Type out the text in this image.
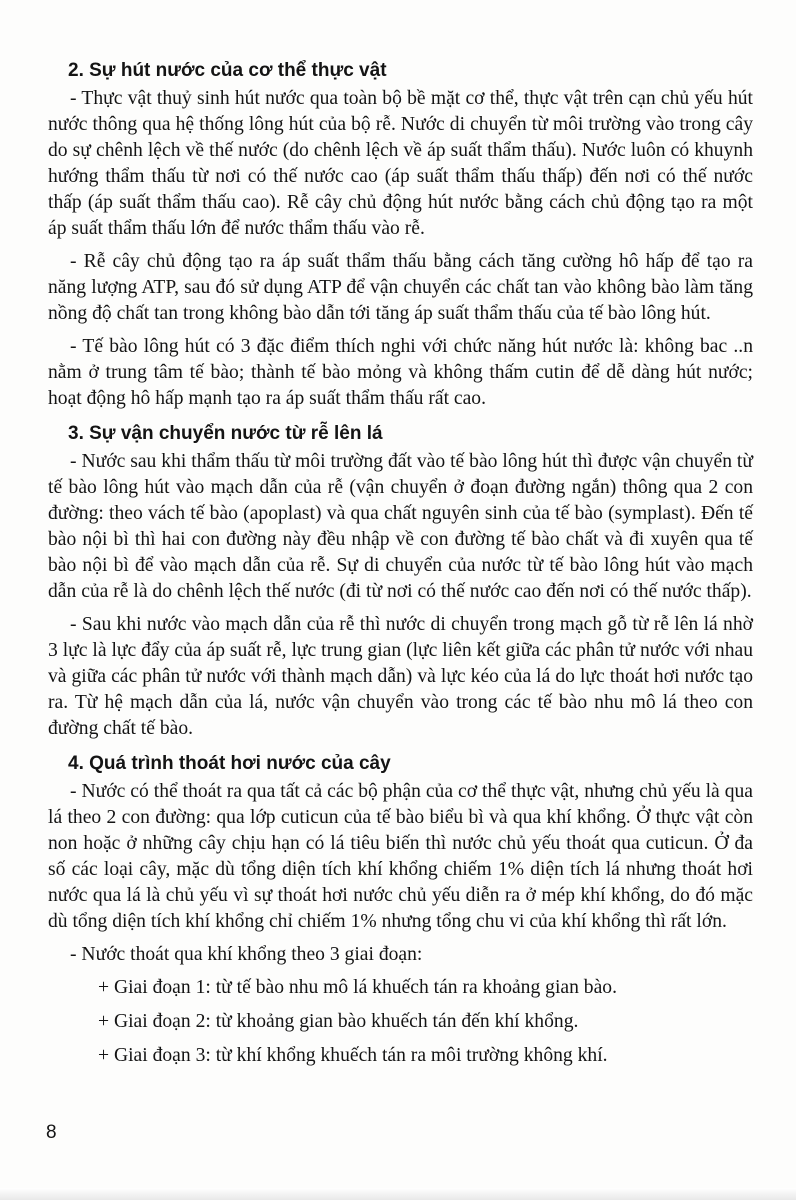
2. Sự hút nước của cơ thể thực vật

- Thực vật thuỷ sinh hút nước qua toàn bộ bề mặt cơ thể, thực vật trên cạn chủ yếu hút nước thông qua hệ thống lông hút của bộ rễ. Nước di chuyển từ môi trường vào trong cây do sự chênh lệch về thế nước (do chênh lệch về áp suất thẩm thấu). Nước luôn có khuynh hướng thẩm thấu từ nơi có thế nước cao (áp suất thẩm thấu thấp) đến nơi có thế nước thấp (áp suất thẩm thấu cao). Rễ cây chủ động hút nước bằng cách chủ động tạo ra một áp suất thẩm thấu lớn để nước thẩm thấu vào rễ.

- Rễ cây chủ động tạo ra áp suất thẩm thấu bằng cách tăng cường hô hấp để tạo ra năng lượng ATP, sau đó sử dụng ATP để vận chuyển các chất tan vào không bào làm tăng nồng độ chất tan trong không bào dẫn tới tăng áp suất thẩm thấu của tế bào lông hút.

- Tế bào lông hút có 3 đặc điểm thích nghi với chức năng hút nước là: không bac ..n nằm ở trung tâm tế bào; thành tế bào mỏng và không thấm cutin để dễ dàng hút nước; hoạt động hô hấp mạnh tạo ra áp suất thẩm thấu rất cao.

3. Sự vận chuyển nước từ rễ lên lá

- Nước sau khi thẩm thấu từ môi trường đất vào tế bào lông hút thì được vận chuyển từ tế bào lông hút vào mạch dẫn của rễ (vận chuyển ở đoạn đường ngắn) thông qua 2 con đường: theo vách tế bào (apoplast) và qua chất nguyên sinh của tế bào (symplast). Đến tế bào nội bì thì hai con đường này đều nhập về con đường tế bào chất và đi xuyên qua tế bào nội bì để vào mạch dẫn của rễ. Sự di chuyển của nước từ tế bào lông hút vào mạch dẫn của rễ là do chênh lệch thế nước (đi từ nơi có thế nước cao đến nơi có thế nước thấp).

- Sau khi nước vào mạch dẫn của rễ thì nước di chuyển trong mạch gỗ từ rễ lên lá nhờ 3 lực là lực đẩy của áp suất rễ, lực trung gian (lực liên kết giữa các phân tử nước với nhau và giữa các phân tử nước với thành mạch dẫn) và lực kéo của lá do lực thoát hơi nước tạo ra. Từ hệ mạch dẫn của lá, nước vận chuyển vào trong các tế bào nhu mô lá theo con đường chất tế bào.

4. Quá trình thoát hơi nước của cây

- Nước có thể thoát ra qua tất cả các bộ phận của cơ thể thực vật, nhưng chủ yếu là qua lá theo 2 con đường: qua lớp cuticun của tế bào biểu bì và qua khí khổng. Ở thực vật còn non hoặc ở những cây chịu hạn có lá tiêu biến thì nước chủ yếu thoát qua cuticun. Ở đa số các loại cây, mặc dù tổng diện tích khí khổng chiếm 1% diện tích lá nhưng thoát hơi nước qua lá là chủ yếu vì sự thoát hơi nước chủ yếu diễn ra ở mép khí khổng, do đó mặc dù tổng diện tích khí khổng chỉ chiếm 1% nhưng tổng chu vi của khí khổng thì rất lớn.

- Nước thoát qua khí khổng theo 3 giai đoạn:

+ Giai đoạn 1: từ tế bào nhu mô lá khuếch tán ra khoảng gian bào.

+ Giai đoạn 2: từ khoảng gian bào khuếch tán đến khí khổng.

+ Giai đoạn 3: từ khí khổng khuếch tán ra môi trường không khí.

8
